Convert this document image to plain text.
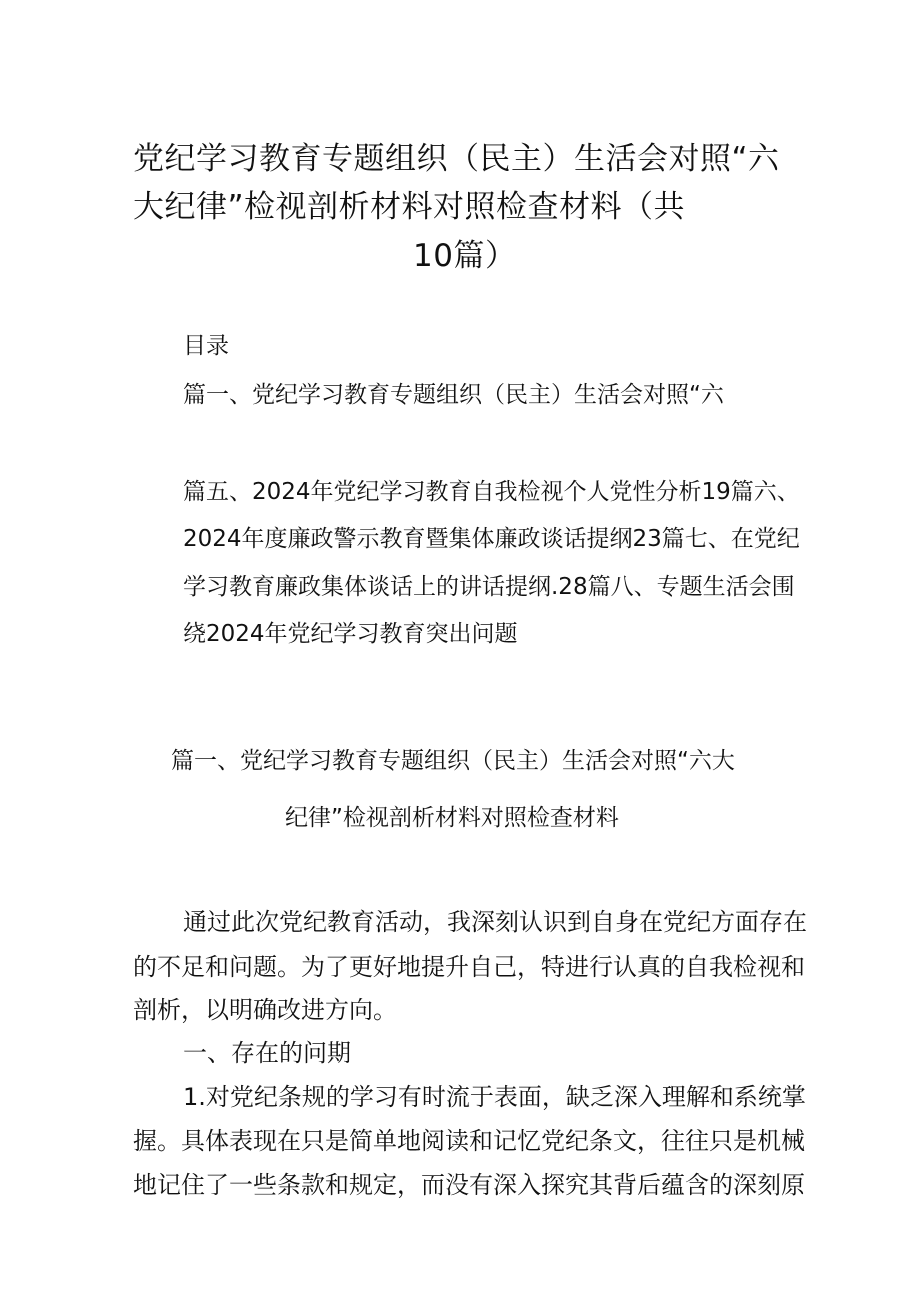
党纪学习教育专题组织（民主）生活会对照“六
大纪律”检视剖析材料对照检查材料（共
10篇）
目录
篇一、党纪学习教育专题组织（民主）生活会对照“六
篇五、2024年党纪学习教育自我检视个人党性分析19篇六、
2024年度廉政警示教育暨集体廉政谈话提纲23篇七、在党纪
学习教育廉政集体谈话上的讲话提纲.28篇八、专题生活会围
绕2024年党纪学习教育突出问题
篇一、党纪学习教育专题组织（民主）生活会对照“六大
纪律”检视剖析材料对照检查材料
通过此次党纪教育活动，我深刻认识到自身在党纪方面存在
的不足和问题。为了更好地提升自己，特进行认真的自我检视和
剖析，以明确改进方向。
一、存在的问期
1.对党纪条规的学习有时流于表面，缺乏深入理解和系统掌
握。具体表现在只是简单地阅读和记忆党纪条文，往往只是机械
地记住了一些条款和规定，而没有深入探究其背后蕴含的深刻原
